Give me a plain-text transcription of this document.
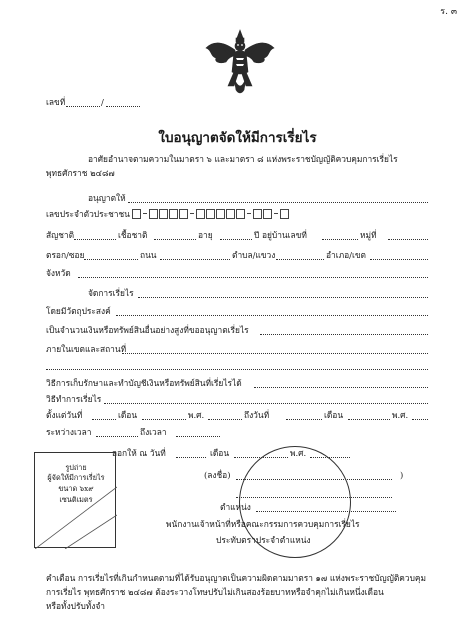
ร. ๓
เลขที่	/
ใบอนุญาตจัดให้มีการเรี่ยไร
อาศัยอำนาจตามความในมาตรา ๖ และมาตรา ๘ แห่งพระราชบัญญัติควบคุมการเรี่ยไร
พุทธศักราช ๒๔๘๗
อนุญาตให้
เลขประจำตัวประชาชน
สัญชาติ	เชื้อชาติ	อายุ	ปี อยู่บ้านเลขที่	หมู่ที่
ตรอก/ซอย	ถนน	ตำบล/แขวง	อำเภอ/เขต
จังหวัด
จัดการเรี่ยไร
โดยมีวัตถุประสงค์
เป็นจำนวนเงินหรือทรัพย์สินอื่นอย่างสูงที่ขออนุญาตเรี่ยไร
ภายในเขตและสถานที่
วิธีการเก็บรักษาและทำบัญชีเงินหรือทรัพย์สินที่เรี่ยไรได้
วิธีทำการเรี่ยไร
ตั้งแต่วันที่	เดือน	พ.ศ.	ถึงวันที่	เดือน	พ.ศ.
ระหว่างเวลา	ถึงเวลา
ออกให้ ณ วันที่	เดือน	พ.ศ.
รูปถ่าย
ผู้จัดให้มีการเรี่ยไร
ขนาด ๖x๙
เซนติเมตร
(ลงชื่อ)	)
ตำแหน่ง
พนักงานเจ้าหน้าที่หรือคณะกรรมการควบคุมการเรี่ยไร
ประทับตราประจำตำแหน่ง
คำเตือน การเรี่ยไรที่เกินกำหนดตามที่ได้รับอนุญาตเป็นความผิดตามมาตรา ๑๗ แห่งพระราชบัญญัติควบคุม
การเรี่ยไร พุทธศักราช ๒๔๘๗ ต้องระวางโทษปรับไม่เกินสองร้อยบาทหรือจำคุกไม่เกินหนึ่งเดือน
หรือทั้งปรับทั้งจำ
